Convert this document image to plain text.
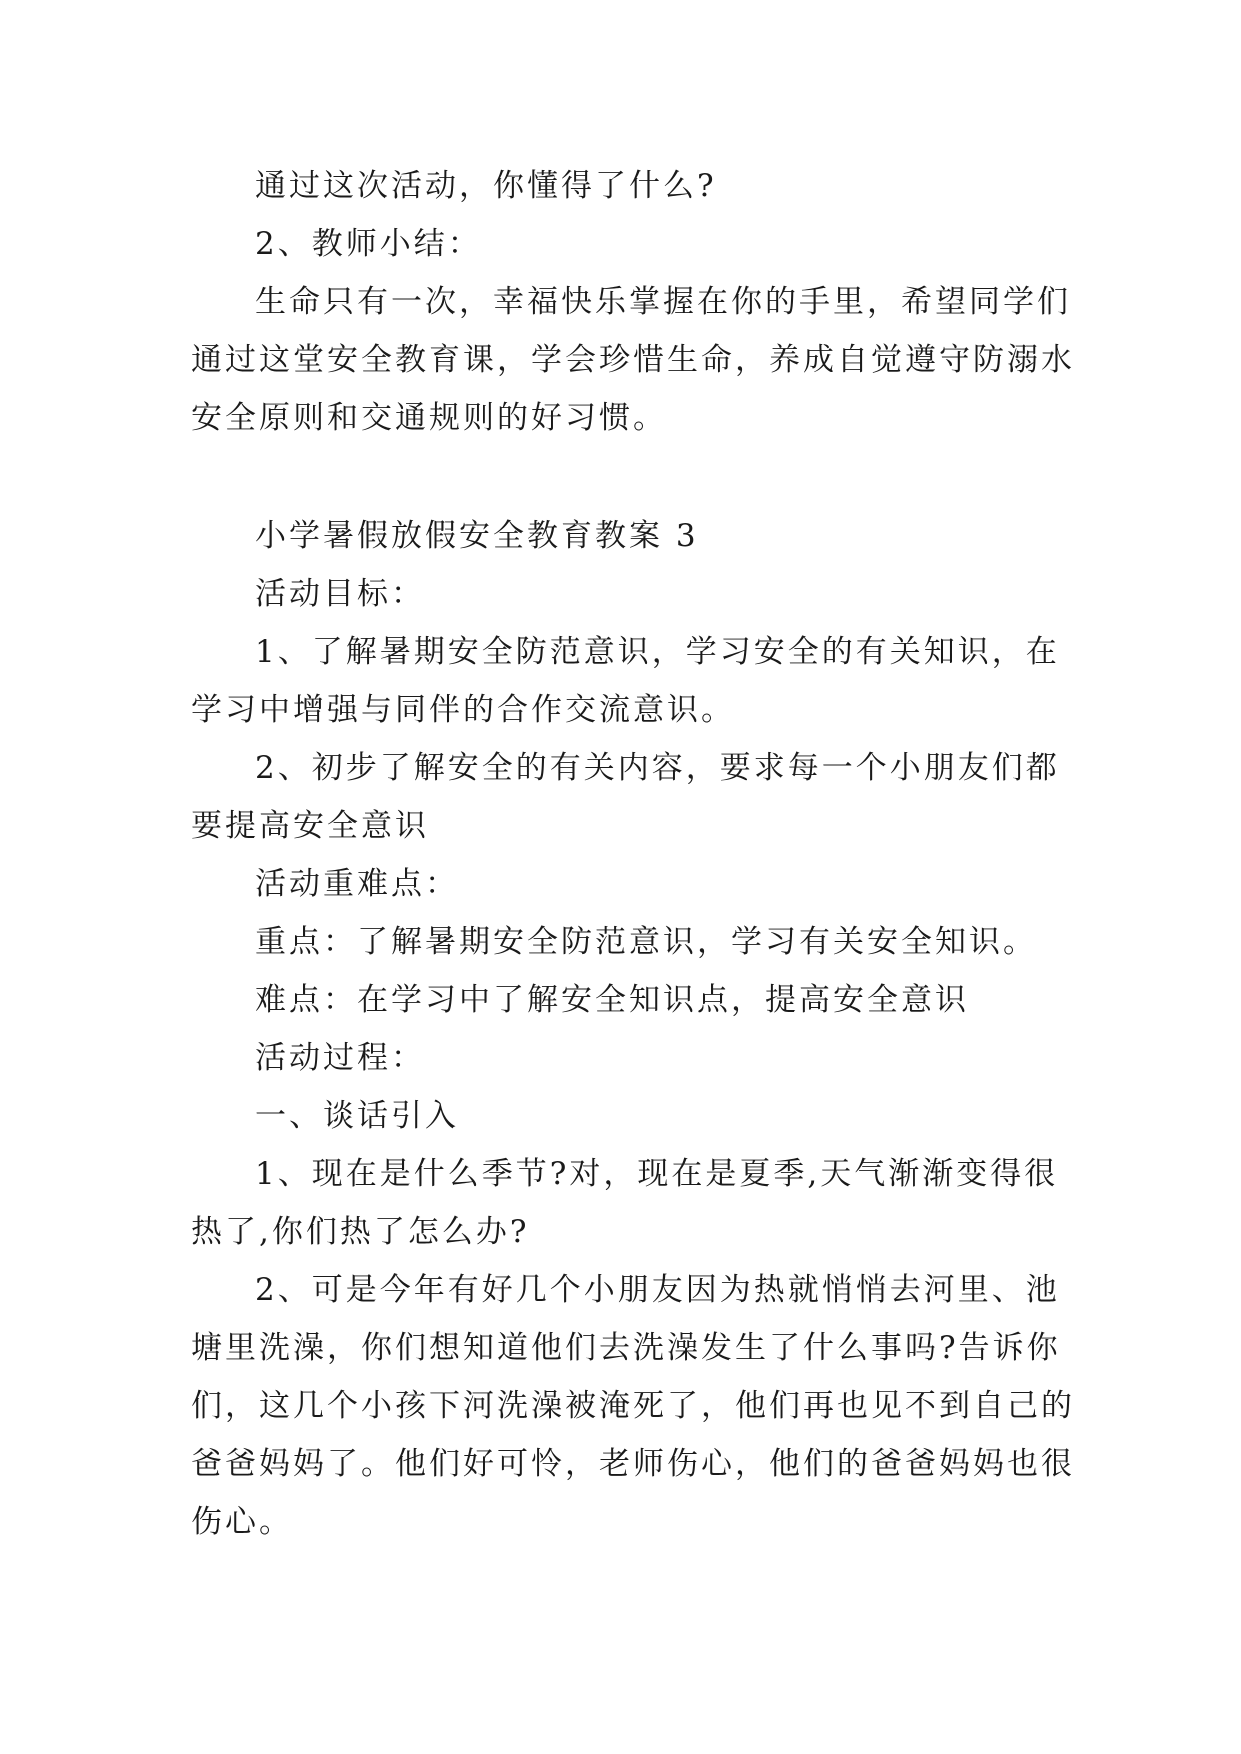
通过这次活动，你懂得了什么?
2、教师小结：
生命只有一次，幸福快乐掌握在你的手里，希望同学们
通过这堂安全教育课，学会珍惜生命，养成自觉遵守防溺水
安全原则和交通规则的好习惯。
小学暑假放假安全教育教案 3
活动目标：
1、了解暑期安全防范意识，学习安全的有关知识，在
学习中增强与同伴的合作交流意识。
2、初步了解安全的有关内容，要求每一个小朋友们都
要提高安全意识
活动重难点：
重点：了解暑期安全防范意识，学习有关安全知识。
难点：在学习中了解安全知识点，提高安全意识
活动过程：
一、谈话引入
1、现在是什么季节?对，现在是夏季,天气渐渐变得很
热了,你们热了怎么办?
2、可是今年有好几个小朋友因为热就悄悄去河里、池
塘里洗澡，你们想知道他们去洗澡发生了什么事吗?告诉你
们，这几个小孩下河洗澡被淹死了，他们再也见不到自己的
爸爸妈妈了。他们好可怜，老师伤心，他们的爸爸妈妈也很
伤心。
